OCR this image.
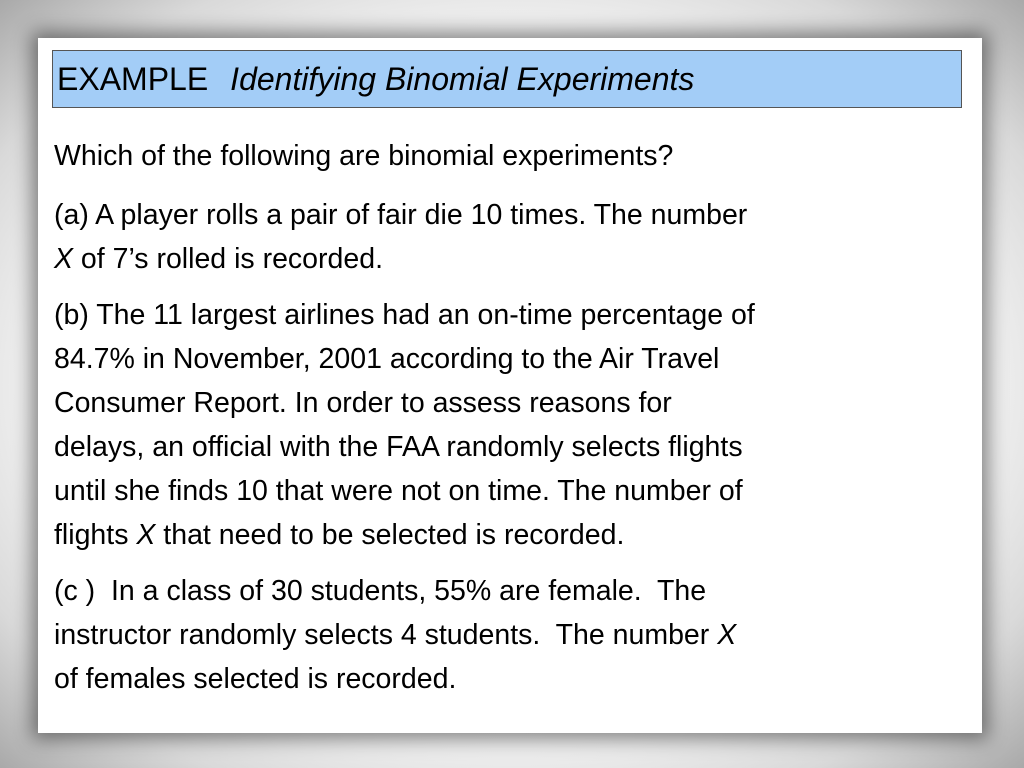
EXAMPLE Identifying Binomial Experiments

Which of the following are binomial experiments?

(a) A player rolls a pair of fair die 10 times. The number
X of 7’s rolled is recorded.

(b) The 11 largest airlines had an on-time percentage of
84.7% in November, 2001 according to the Air Travel
Consumer Report. In order to assess reasons for
delays, an official with the FAA randomly selects flights
until she finds 10 that were not on time. The number of
flights X that need to be selected is recorded.

(c )  In a class of 30 students, 55% are female.  The
instructor randomly selects 4 students.  The number X
of females selected is recorded.
